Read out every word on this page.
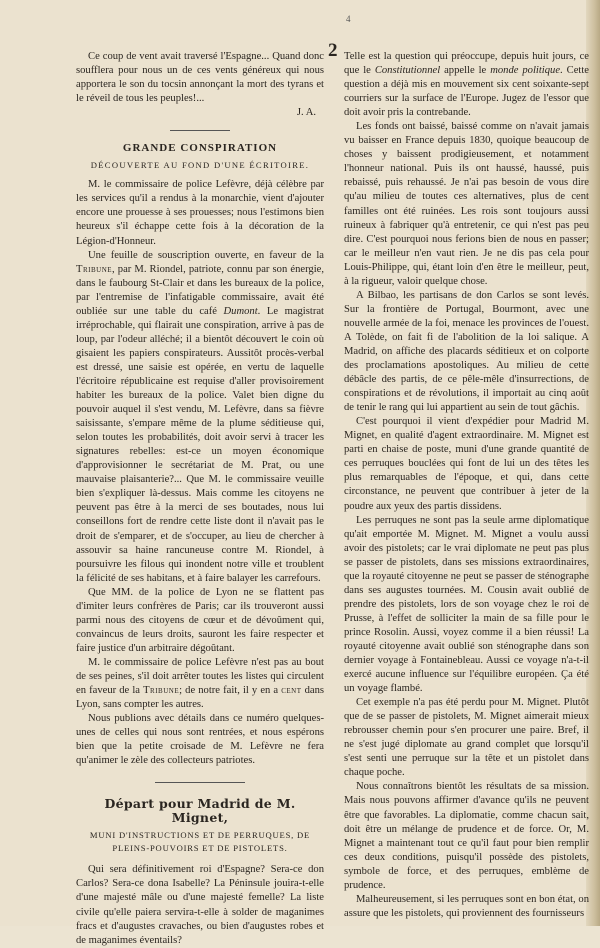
4
2

Ce coup de vent avait traversé l'Espagne... Quand donc soufflera pour nous un de ces vents généreux qui nous apportera le son du tocsin annonçant la mort des tyrans et le réveil de tous les peuples!...

J. A.

GRANDE CONSPIRATION
DÉCOUVERTE AU FOND D'UNE ÉCRITOIRE.

M. le commissaire de police Lefèvre, déjà célèbre par les services qu'il a rendus à la monarchie, vient d'ajouter encore une prouesse à ses prouesses; nous l'estimons bien heureux s'il échappe cette fois à la décoration de la Légion-d'Honneur.

Une feuille de souscription ouverte, en faveur de la Tribune, par M. Riondel, patriote, connu par son énergie, dans le faubourg St-Clair et dans les bureaux de la police, par l'entremise de l'infatigable commissaire, avait été oubliée sur une table du café Dumont. Le magistrat irréprochable, qui flairait une conspiration, arrive à pas de loup, par l'odeur alléché; il a bientôt découvert le coin où gisaient les papiers conspirateurs. Aussitôt procès-verbal est dressé, une saisie est opérée, en vertu de laquelle l'écritoire républicaine est requise d'aller provisoirement habiter les bureaux de la police. Valet bien digne du pouvoir auquel il s'est vendu, M. Lefèvre, dans sa fièvre saisissante, s'empare même de la plume séditieuse qui, selon toutes les probabilités, doit avoir servi à tracer les signatures rebelles: est-ce un moyen économique d'approvisionner le secrétariat de M. Prat, ou une mauvaise plaisanterie?... Que M. le commissaire veuille bien s'expliquer là-dessus. Mais comme les citoyens ne peuvent pas être à la merci de ses boutades, nous lui conseillons fort de rendre cette liste dont il n'avait pas le droit de s'emparer, et de s'occuper, au lieu de chercher à assouvir sa haine rancuneuse contre M. Riondel, à poursuivre les filous qui inondent notre ville et troublent la félicité de ses habitans, et à faire balayer les carrefours.

Que MM. de la police de Lyon ne se flattent pas d'imiter leurs confrères de Paris; car ils trouveront aussi parmi nous des citoyens de cœur et de dévoûment qui, convaincus de leurs droits, sauront les faire respecter et faire justice d'un arbitraire dégoûtant.

M. le commissaire de police Lefèvre n'est pas au bout de ses peines, s'il doit arrêter toutes les listes qui circulent en faveur de la Tribune; de notre fait, il y en a cent dans Lyon, sans compter les autres.

Nous publions avec détails dans ce numéro quelques-unes de celles qui nous sont rentrées, et nous espérons bien que la petite croisade de M. Lefèvre ne fera qu'animer le zèle des collecteurs patriotes.

Départ pour Madrid de M. Mignet,
MUNI D'INSTRUCTIONS ET DE PERRUQUES, DE PLEINS-POUVOIRS ET DE PISTOLETS.

Qui sera définitivement roi d'Espagne? Sera-ce don Carlos? Sera-ce dona Isabelle? La Péninsule jouira-t-elle d'une majesté mâle ou d'une majesté femelle? La liste civile qu'elle paiera servira-t-elle à solder de maganimes fracs et d'augustes cravaches, ou bien d'augustes robes et de maganimes éventails?

Telle est la question qui préoccupe, depuis huit jours, ce que le Constitutionnel appelle le monde politique. Cette question a déjà mis en mouvement six cent soixante-sept courriers sur la surface de l'Europe. Jugez de l'essor que doit avoir pris la contrebande.

Les fonds ont baissé, baissé comme on n'avait jamais vu baisser en France depuis 1830, quoique beaucoup de choses y baissent prodigieusement, et notamment l'honneur national. Puis ils ont haussé, haussé, puis rebaissé, puis rehaussé. Je n'ai pas besoin de vous dire qu'au milieu de toutes ces alternatives, plus de cent familles ont été ruinées. Les rois sont toujours aussi ruineux à fabriquer qu'à entretenir, ce qui n'est pas peu dire. C'est pourquoi nous ferions bien de nous en passer; car le meilleur n'en vaut rien. Je ne dis pas cela pour Louis-Philippe, qui, étant loin d'en être le meilleur, peut, à la rigueur, valoir quelque chose.

A Bilbao, les partisans de don Carlos se sont levés. Sur la frontière de Portugal, Bourmont, avec une nouvelle armée de la foi, menace les provinces de l'ouest. A Tolède, on fait fi de l'abolition de la loi salique. A Madrid, on affiche des placards séditieux et on colporte des proclamations apostoliques. Au milieu de cette débâcle des partis, de ce pêle-mêle d'insurrections, de conspirations et de révolutions, il importait au cinq août de tenir le rang qui lui appartient au sein de tout gâchis.

C'est pourquoi il vient d'expédier pour Madrid M. Mignet, en qualité d'agent extraordinaire. M. Mignet est parti en chaise de poste, muni d'une grande quantité de ces perruques bouclées qui font de lui un des têtes les plus remarquables de l'époque, et qui, dans cette circonstance, ne peuvent que contribuer à jeter de la poudre aux yeux des partis dissidens.

Les perruques ne sont pas la seule arme diplomatique qu'ait emportée M. Mignet. M. Mignet a voulu aussi avoir des pistolets; car le vrai diplomate ne peut pas plus se passer de pistolets, dans ses missions extraordinaires, que la royauté citoyenne ne peut se passer de sténographe dans ses augustes tournées. M. Cousin avait oublié de prendre des pistolets, lors de son voyage chez le roi de Prusse, à l'effet de solliciter la main de sa fille pour le prince Rosolin. Aussi, voyez comme il a bien réussi! La royauté citoyenne avait oublié son sténographe dans son dernier voyage à Fontainebleau. Aussi ce voyage n'a-t-il exercé aucune influence sur l'équilibre européen. Ça été un voyage flambé.

Cet exemple n'a pas été perdu pour M. Mignet. Plutôt que de se passer de pistolets, M. Mignet aimerait mieux rebrousser chemin pour s'en procurer une paire. Bref, il ne s'est jugé diplomate au grand complet que lorsqu'il s'est senti une perruque sur la tête et un pistolet dans chaque poche.

Nous connaîtrons bientôt les résultats de sa mission. Mais nous pouvons affirmer d'avance qu'ils ne peuvent être que favorables. La diplomatie, comme chacun sait, doit être un mélange de prudence et de force. Or, M. Mignet a maintenant tout ce qu'il faut pour bien remplir ces deux conditions, puisqu'il possède des pistolets, symbole de force, et des perruques, emblème de prudence.

Malheureusement, si les perruques sont en bon état, on assure que les pistolets, qui proviennent des fournisseurs
